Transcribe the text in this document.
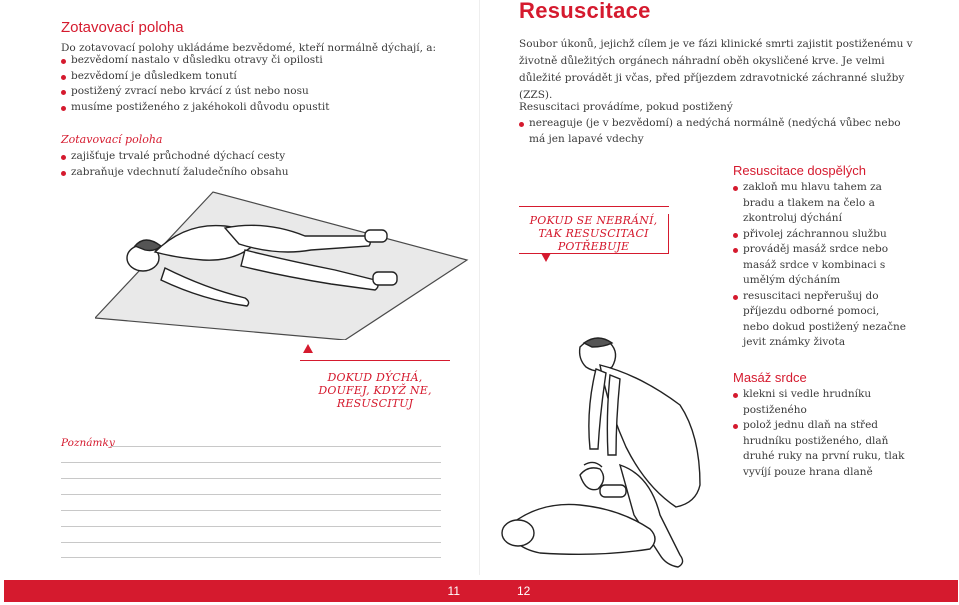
Zotavovací poloha
Do zotavovací polohy ukládáme bezvědomé, kteří normálně dýchají, a:
bezvědomí nastalo v důsledku otravy či opilosti
bezvědomí je důsledkem tonutí
postižený zvrací nebo krvácí z úst nebo nosu
musíme postiženého z jakéhokoli důvodu opustit
Zotavovací poloha
zajišťuje trvalé průchodné dýchací cesty
zabraňuje vdechnutí žaludečního obsahu
DOKUD DÝCHÁ, DOUFEJ, KDYŽ NE, RESUSCITUJ
Poznámky
11
Resuscitace
Soubor úkonů, jejichž cílem je ve fázi klinické smrti zajistit postiženému v životně důležitých orgánech náhradní oběh okysličené krve. Je velmi důležité provádět ji včas, před příjezdem zdravotnické záchranné služby (ZZS).
Resuscitaci provádíme, pokud postižený
nereaguje (je v bezvědomí) a nedýchá normálně (nedýchá vůbec nebo má jen lapavé vdechy
POKUD SE NEBRÁNÍ, TAK RESUSCITACI POTŘEBUJE
Resuscitace dospělých
zakloň mu hlavu tahem za bradu a tlakem na čelo a zkontroluj dýchání
přivolej záchrannou službu
prováděj masáž srdce nebo masáž srdce v kombinaci s umělým dýcháním
resuscitaci nepřerušuj do příjezdu odborné pomoci, nebo dokud postižený nezačne jevit známky života
Masáž srdce
klekni si vedle hrudníku postiženého
polož jednu dlaň na střed hrudníku postiženého, dlaň druhé ruky na první ruku, tlak vyvíjí pouze hrana dlaně
12
